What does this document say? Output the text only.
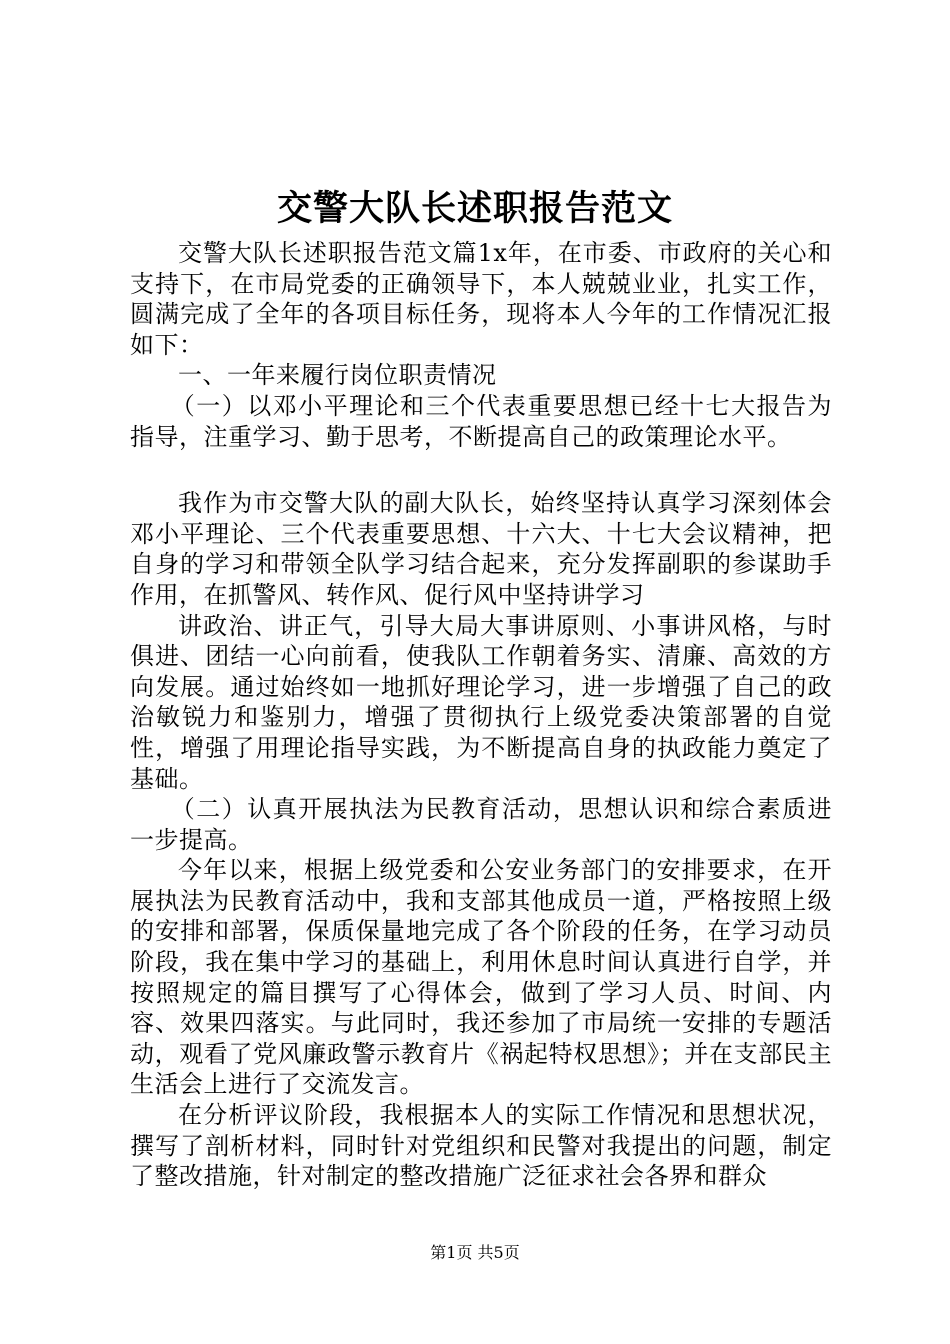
交警大队长述职报告范文

交警大队长述职报告范文篇1x年，在市委、市政府的关心和支持下，在市局党委的正确领导下，本人兢兢业业，扎实工作，圆满完成了全年的各项目标任务，现将本人今年的工作情况汇报如下：

一、一年来履行岗位职责情况

（一）以邓小平理论和三个代表重要思想已经十七大报告为指导，注重学习、勤于思考，不断提高自己的政策理论水平。

我作为市交警大队的副大队长，始终坚持认真学习深刻体会邓小平理论、三个代表重要思想、十六大、十七大会议精神，把自身的学习和带领全队学习结合起来，充分发挥副职的参谋助手作用，在抓警风、转作风、促行风中坚持讲学习

讲政治、讲正气，引导大局大事讲原则、小事讲风格，与时俱进、团结一心向前看，使我队工作朝着务实、清廉、高效的方向发展。通过始终如一地抓好理论学习，进一步增强了自己的政治敏锐力和鉴别力，增强了贯彻执行上级党委决策部署的自觉性，增强了用理论指导实践，为不断提高自身的执政能力奠定了基础。

（二）认真开展执法为民教育活动，思想认识和综合素质进一步提高。

今年以来，根据上级党委和公安业务部门的安排要求，在开展执法为民教育活动中，我和支部其他成员一道，严格按照上级的安排和部署，保质保量地完成了各个阶段的任务，在学习动员阶段，我在集中学习的基础上，利用休息时间认真进行自学，并按照规定的篇目撰写了心得体会，做到了学习人员、时间、内容、效果四落实。与此同时，我还参加了市局统一安排的专题活动，观看了党风廉政警示教育片《祸起特权思想》；并在支部民主生活会上进行了交流发言。

在分析评议阶段，我根据本人的实际工作情况和思想状况，撰写了剖析材料，同时针对党组织和民警对我提出的问题，制定了整改措施，针对制定的整改措施广泛征求社会各界和群众

第1页 共5页
